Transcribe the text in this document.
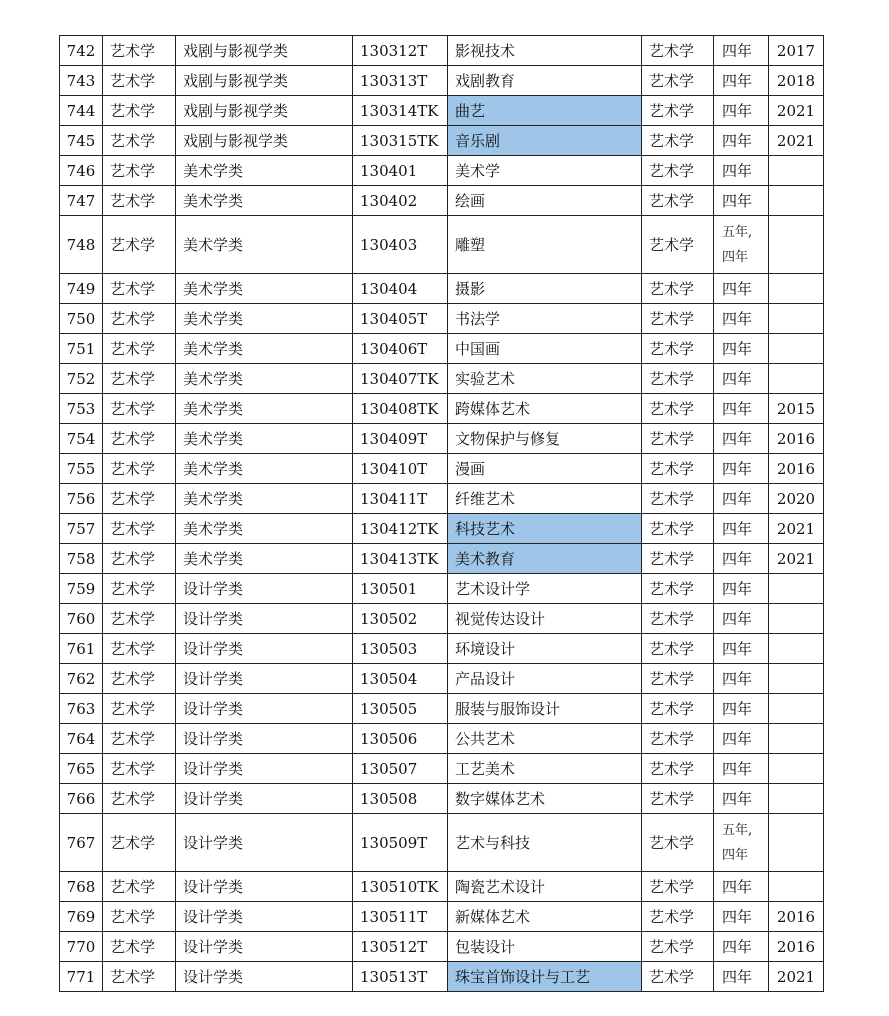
742	艺术学	戏剧与影视学类	130312T	影视技术	艺术学	四年	2017
743	艺术学	戏剧与影视学类	130313T	戏剧教育	艺术学	四年	2018
744	艺术学	戏剧与影视学类	130314TK	曲艺	艺术学	四年	2021
745	艺术学	戏剧与影视学类	130315TK	音乐剧	艺术学	四年	2021
746	艺术学	美术学类	130401	美术学	艺术学	四年	
747	艺术学	美术学类	130402	绘画	艺术学	四年	
748	艺术学	美术学类	130403	雕塑	艺术学	五年,
四年	

749	艺术学	美术学类	130404	摄影	艺术学	四年	
750	艺术学	美术学类	130405T	书法学	艺术学	四年	
751	艺术学	美术学类	130406T	中国画	艺术学	四年	
752	艺术学	美术学类	130407TK	实验艺术	艺术学	四年	
753	艺术学	美术学类	130408TK	跨媒体艺术	艺术学	四年	2015
754	艺术学	美术学类	130409T	文物保护与修复	艺术学	四年	2016
755	艺术学	美术学类	130410T	漫画	艺术学	四年	2016
756	艺术学	美术学类	130411T	纤维艺术	艺术学	四年	2020
757	艺术学	美术学类	130412TK	科技艺术	艺术学	四年	2021
758	艺术学	美术学类	130413TK	美术教育	艺术学	四年	2021
759	艺术学	设计学类	130501	艺术设计学	艺术学	四年	
760	艺术学	设计学类	130502	视觉传达设计	艺术学	四年	
761	艺术学	设计学类	130503	环境设计	艺术学	四年	
762	艺术学	设计学类	130504	产品设计	艺术学	四年	
763	艺术学	设计学类	130505	服装与服饰设计	艺术学	四年	
764	艺术学	设计学类	130506	公共艺术	艺术学	四年	
765	艺术学	设计学类	130507	工艺美术	艺术学	四年	
766	艺术学	设计学类	130508	数字媒体艺术	艺术学	四年	
767	艺术学	设计学类	130509T	艺术与科技	艺术学	五年,
四年	

768	艺术学	设计学类	130510TK	陶瓷艺术设计	艺术学	四年	
769	艺术学	设计学类	130511T	新媒体艺术	艺术学	四年	2016
770	艺术学	设计学类	130512T	包装设计	艺术学	四年	2016
771	艺术学	设计学类	130513T	珠宝首饰设计与工艺	艺术学	四年	2021
